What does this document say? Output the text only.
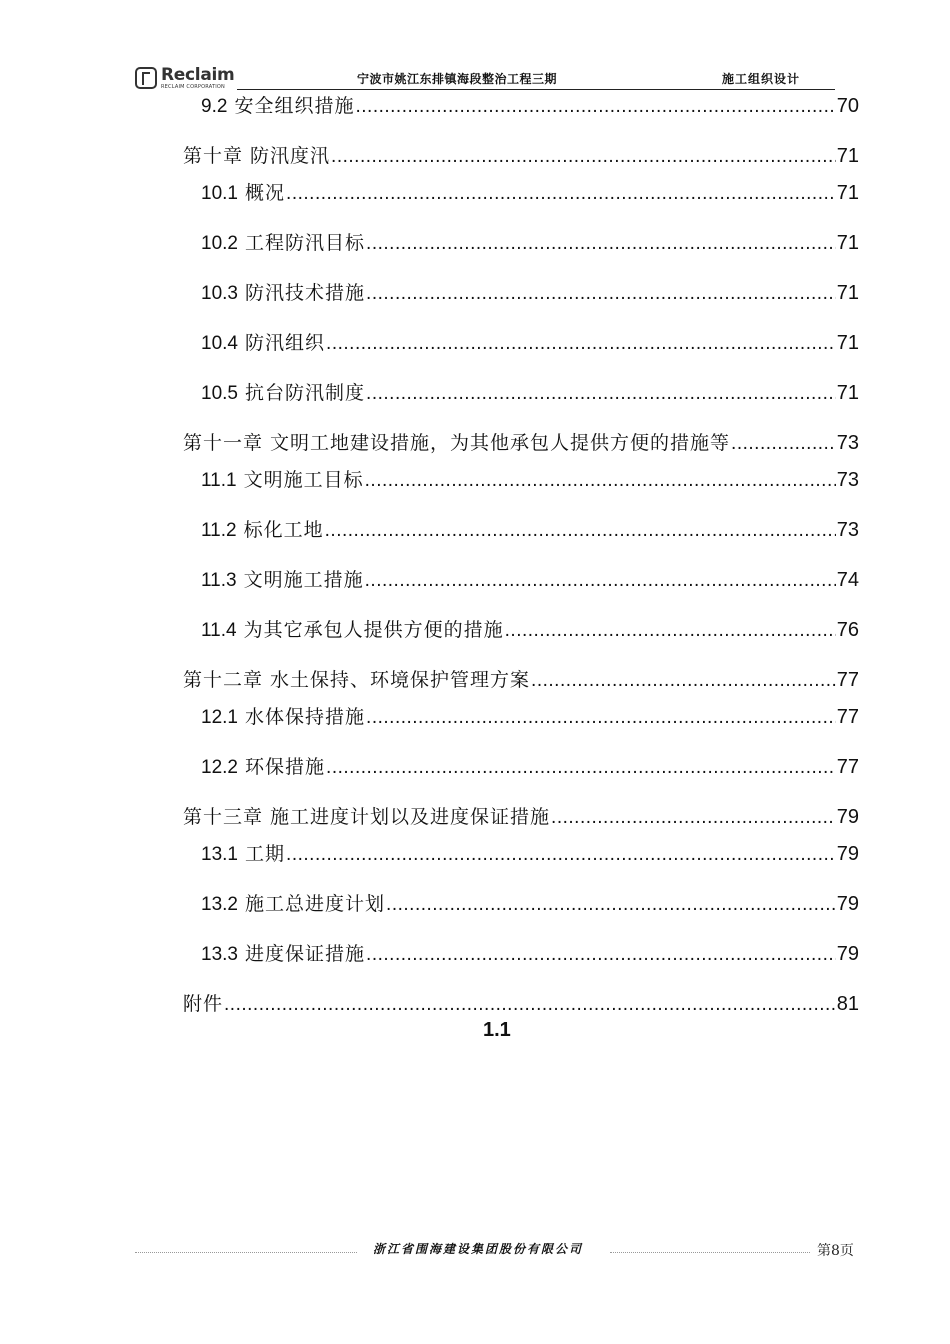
Reclaim
RECLAIM CORPORATION
宁波市姚江东排镇海段整治工程三期	施工组织设计
9.2 安全组织措施 .....	70
第十章 防汛度汛 .....	71
10.1 概况 .....	71
10.2 工程防汛目标 .....	71
10.3 防汛技术措施 .....	71
10.4 防汛组织 .....	71
10.5 抗台防汛制度 .....	71
第十一章 文明工地建设措施，为其他承包人提供方便的措施等 .....	73
11.1 文明施工目标 .....	73
11.2 标化工地 .....	73
11.3 文明施工措施 .....	74
11.4 为其它承包人提供方便的措施 .....	76
第十二章 水土保持、环境保护管理方案 .....	77
12.1 水体保持措施 .....	77
12.2 环保措施 .....	77
第十三章 施工进度计划以及进度保证措施 .....	79
13.1 工期 .....	79
13.2 施工总进度计划 .....	79
13.3 进度保证措施 .....	79
附件 .....	81
1.1
浙江省围海建设集团股份有限公司	第8页
